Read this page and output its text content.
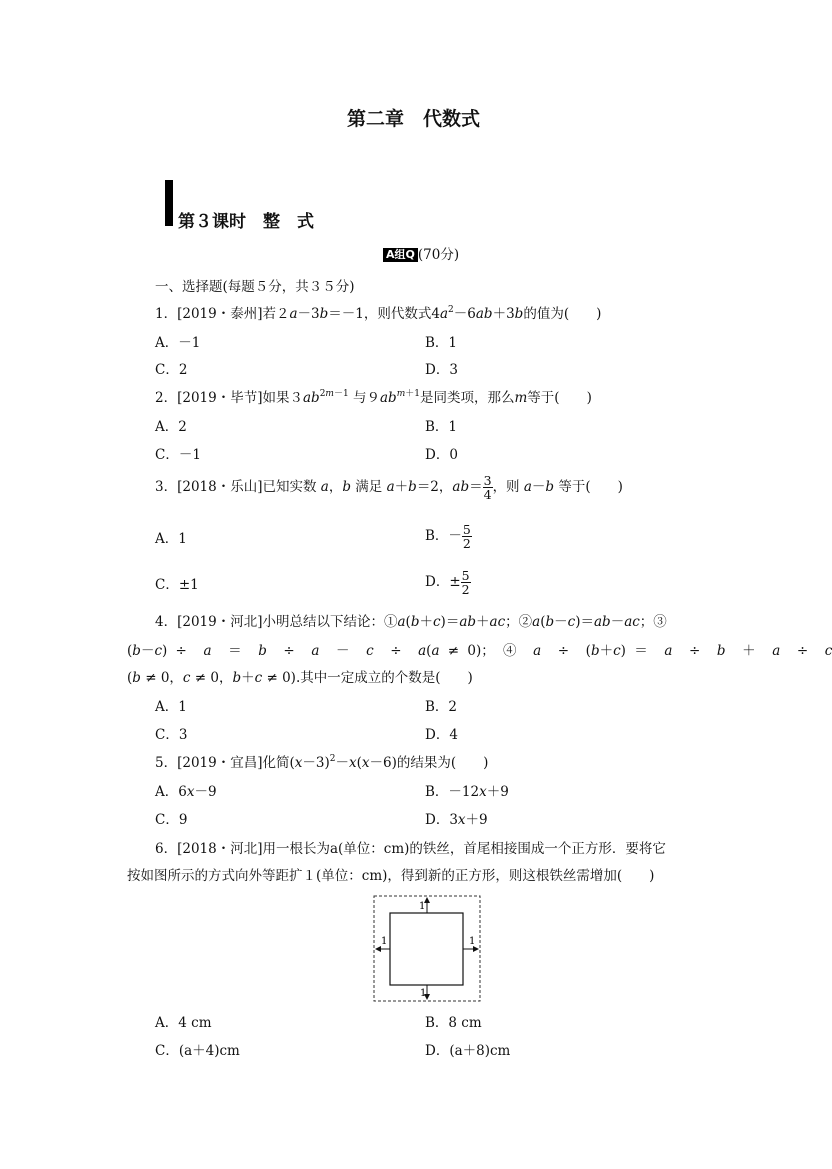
第二章　代数式
第３课时　整　式
A组Q (70分)
一、选择题(每题５分，共３５分)
1．[2019・泰州]若２a－3b＝－1，则代数式$4a^2-6ab+3b$的值为(　　)
A．－1	B．1
C．2	D．3
2．[2019・毕节]如果$3ab^{2m-1}$ 与$9ab^{m+1}$是同类项，那么m等于(　　)
A．2	B．1
C．－1	D．0
3．[2018・乐山]已知实数 a，b 满足 a＋b＝2，$ab= \frac{3}{4}$ ，则 a－b 等于(　　)
A．1	B．－ $\frac{5}{2}$
C．±1	D．± $\frac{5}{2}$
4．[2019・河北]小明总结以下结论：①a(b＋c)＝ab＋ac；②a(b－c)＝ab－ac；③
(b－c) ÷  a  ＝  b  ÷  a  －  c  ÷  a(a ≠ 0)； ④  a  ÷  (b＋c) ＝  a  ÷  b  ＋  a  ÷  c
(b ≠ 0，c ≠ 0，b＋c ≠ 0).其中一定成立的个数是(　　)
A．1	B．2
C．3	D．4
5．[2019・宜昌]化简$(x-3)^2-x(x-6)$的结果为(　　)
A．6x－9	B．－12x＋9
C．9	D．3x＋9
6．[2018・河北]用一根长为a(单位：cm)的铁丝，首尾相接围成一个正方形．要将它
按如图所示的方式向外等距扩１(单位：cm)，得到新的正方形，则这根铁丝需增加(　　)
1
1
1	1
A．4 cm	B．8 cm
C．(a＋4)cm	D．(a＋8)cm
